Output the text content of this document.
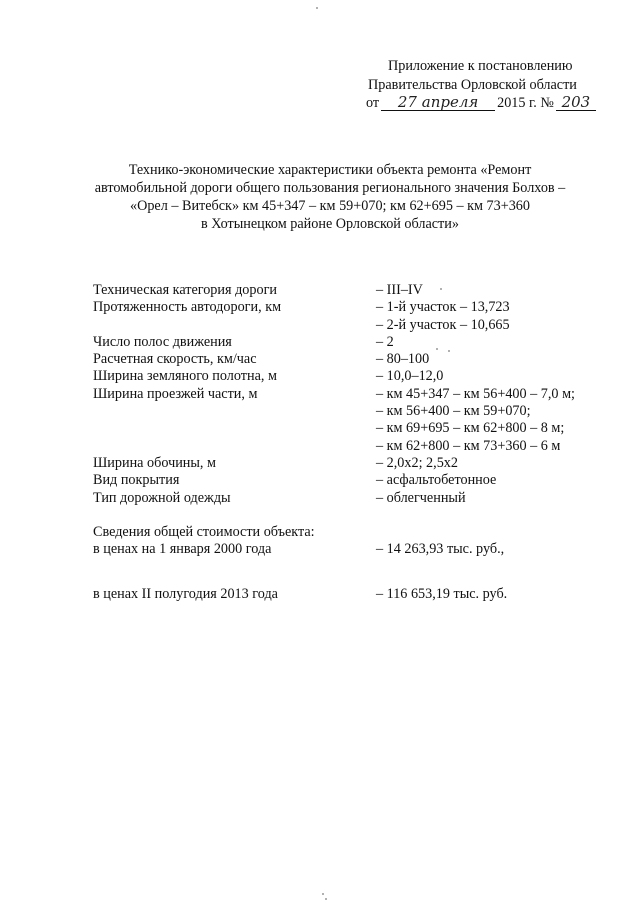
Приложение к постановлению
Правительства Орловской области
от 27 апреля 2015 г. № 203
Технико-экономические характеристики объекта ремонта «Ремонт
автомобильной дороги общего пользования регионального значения Болхов –
«Орел – Витебск» км 45+347 – км 59+070; км 62+695 – км 73+360
в Хотынецком районе Орловской области»
Техническая категория дороги	– III–IV
Протяженность автодороги, км	– 1-й участок – 13,723
– 2-й участок – 10,665
Число полос движения	– 2
Расчетная скорость, км/час	– 80–100
Ширина земляного полотна, м	– 10,0–12,0
Ширина проезжей части, м	– км 45+347 – км 56+400 – 7,0 м;
– км 56+400 – км 59+070;
– км 69+695 – км 62+800 – 8 м;
– км 62+800 – км 73+360 – 6 м
Ширина обочины, м	– 2,0х2; 2,5х2
Вид покрытия	– асфальтобетонное
Тип дорожной одежды	– облегченный
Сведения общей стоимости объекта:
в ценах на 1 января 2000 года	– 14 263,93 тыс. руб.,
в ценах II полугодия 2013 года	– 116 653,19 тыс. руб.
